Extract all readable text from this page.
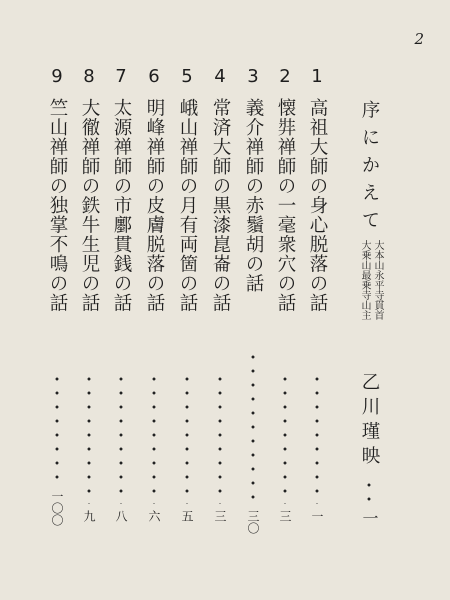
2
序にかえて
大本山永平寺貫首
大乗山最乗寺山主
乙川瑾映
一
1
高祖大師の身心脱落の話
一
2
懐弉禅師の一毫衆穴の話
三
3
義介禅師の赤鬚胡の話
三〇
4
常済大師の黒漆崑崙の話
三
5
峨山禅師の月有両箇の話
五
6
明峰禅師の皮膚脱落の話
六
7
太源禅師の市鄽貫銭の話
八
8
大徹禅師の鉄牛生児の話
九
9
竺山禅師の独掌不鳴の話
一〇〇
